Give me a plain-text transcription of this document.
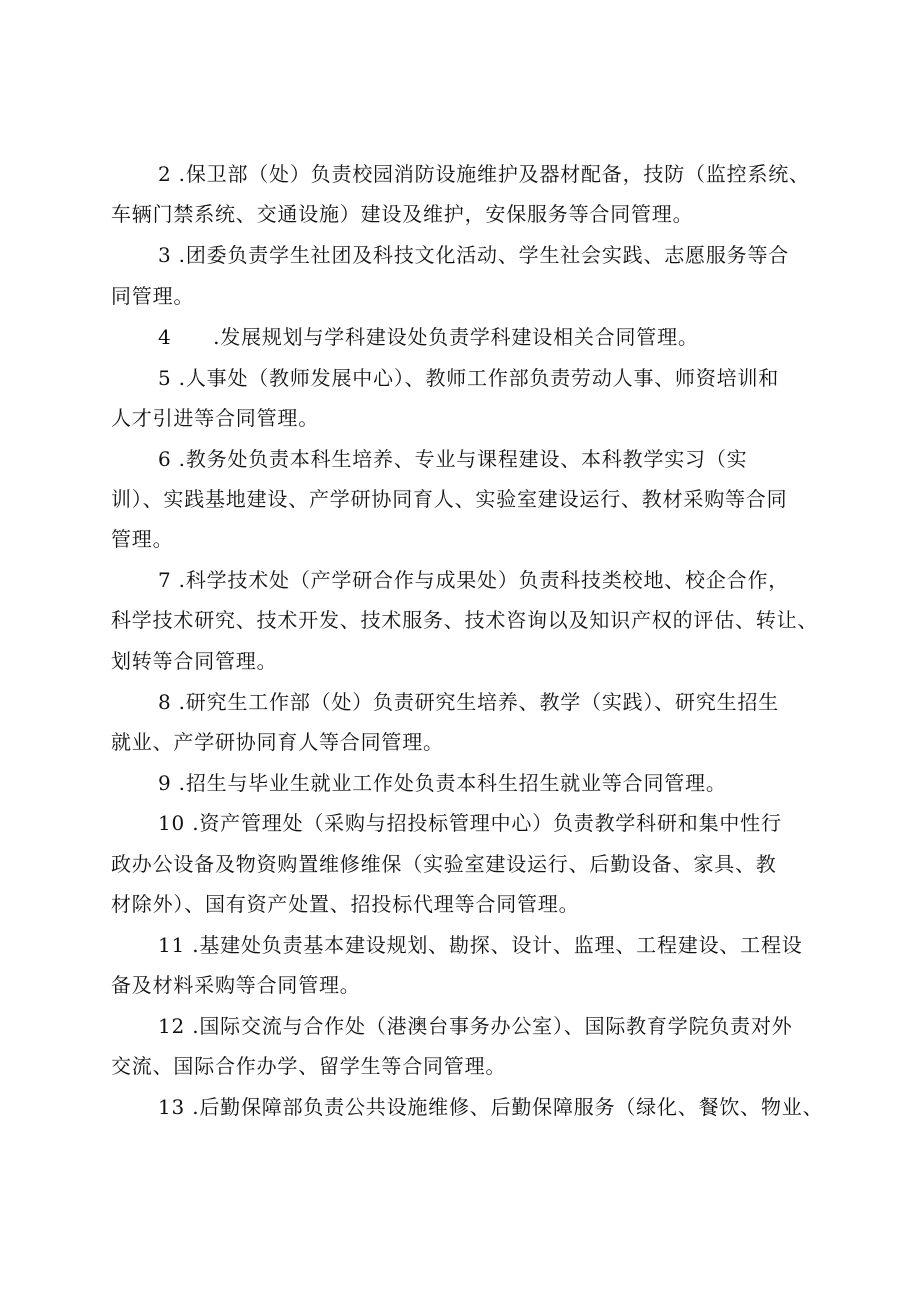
2 .保卫部（处）负责校园消防设施维护及器材配备，技防（监控系统、
车辆门禁系统、交通设施）建设及维护，安保服务等合同管理。
3 .团委负责学生社团及科技文化活动、学生社会实践、志愿服务等合
同管理。
4　　.发展规划与学科建设处负责学科建设相关合同管理。
5 .人事处（教师发展中心）、教师工作部负责劳动人事、师资培训和
人才引进等合同管理。
6 .教务处负责本科生培养、专业与课程建设、本科教学实习（实
训）、实践基地建设、产学研协同育人、实验室建设运行、教材采购等合同
管理。
7 .科学技术处（产学研合作与成果处）负责科技类校地、校企合作，
科学技术研究、技术开发、技术服务、技术咨询以及知识产权的评估、转让、
划转等合同管理。
8 .研究生工作部（处）负责研究生培养、教学（实践）、研究生招生
就业、产学研协同育人等合同管理。
9 .招生与毕业生就业工作处负责本科生招生就业等合同管理。
10 .资产管理处（采购与招投标管理中心）负责教学科研和集中性行
政办公设备及物资购置维修维保（实验室建设运行、后勤设备、家具、教
材除外）、国有资产处置、招投标代理等合同管理。
11 .基建处负责基本建设规划、勘探、设计、监理、工程建设、工程设
备及材料采购等合同管理。
12 .国际交流与合作处（港澳台事务办公室）、国际教育学院负责对外
交流、国际合作办学、留学生等合同管理。
13 .后勤保障部负责公共设施维修、后勤保障服务（绿化、餐饮、物业、
